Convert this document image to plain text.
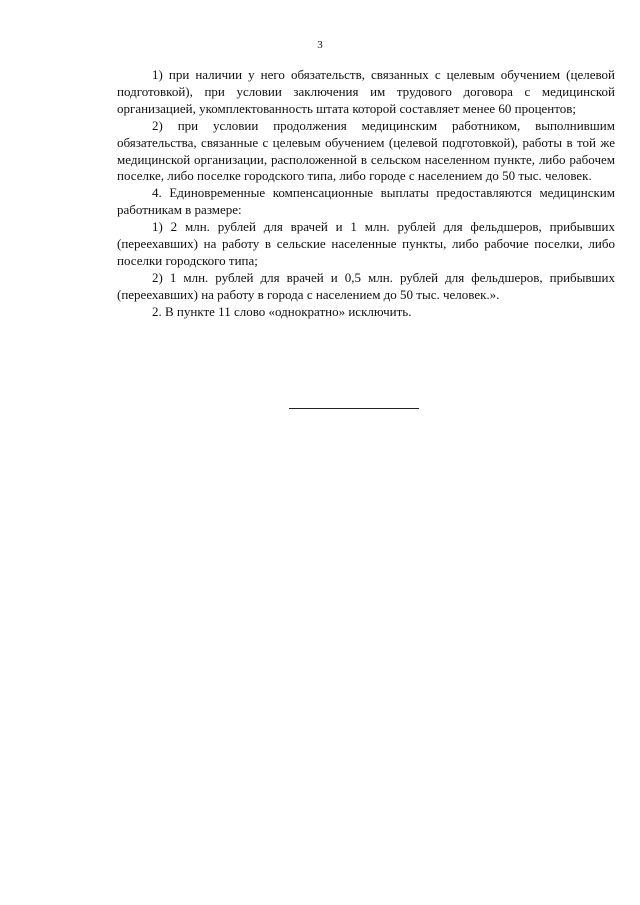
3

1) при наличии у него обязательств, связанных с целевым обучением (целевой подготовкой), при условии заключения им трудового договора с медицинской организацией, укомплектованность штата которой составляет менее 60 процентов;

2) при условии продолжения медицинским работником, выполнившим обязательства, связанные с целевым обучением (целевой подготовкой), работы в той же медицинской организации, расположенной в сельском населенном пункте, либо рабочем поселке, либо поселке городского типа, либо городе с населением до 50 тыс. человек.

4. Единовременные компенсационные выплаты предоставляются медицинским работникам в размере:

1) 2 млн. рублей для врачей и 1 млн. рублей для фельдшеров, прибывших (переехавших) на работу в сельские населенные пункты, либо рабочие поселки, либо поселки городского типа;

2) 1 млн. рублей для врачей и 0,5 млн. рублей для фельдшеров, прибывших (переехавших) на работу в города с населением до 50 тыс. человек.».

2. В пункте 11 слово «однократно» исключить.
